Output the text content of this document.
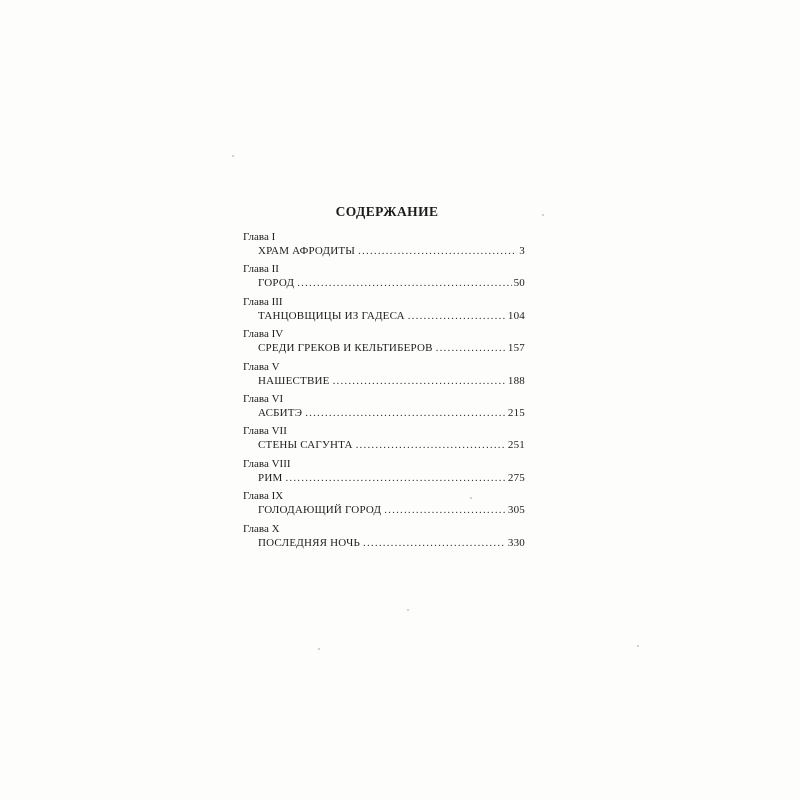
СОДЕРЖАНИЕ
Глава I
ХРАМ АФРОДИТЫ .....	3
Глава II
ГОРОД .....	50
Глава III
ТАНЦОВЩИЦЫ ИЗ ГАДЕСА .....	104
Глава IV
СРЕДИ ГРЕКОВ И КЕЛЬТИБЕРОВ .....	157
Глава V
НАШЕСТВИЕ .....	188
Глава VI
АСБИТЭ .....	215
Глава VII
СТЕНЫ САГУНТА .....	251
Глава VIII
РИМ .....	275
Глава IX
ГОЛОДАЮЩИЙ ГОРОД .....	305
Глава X
ПОСЛЕДНЯЯ НОЧЬ .....	330
